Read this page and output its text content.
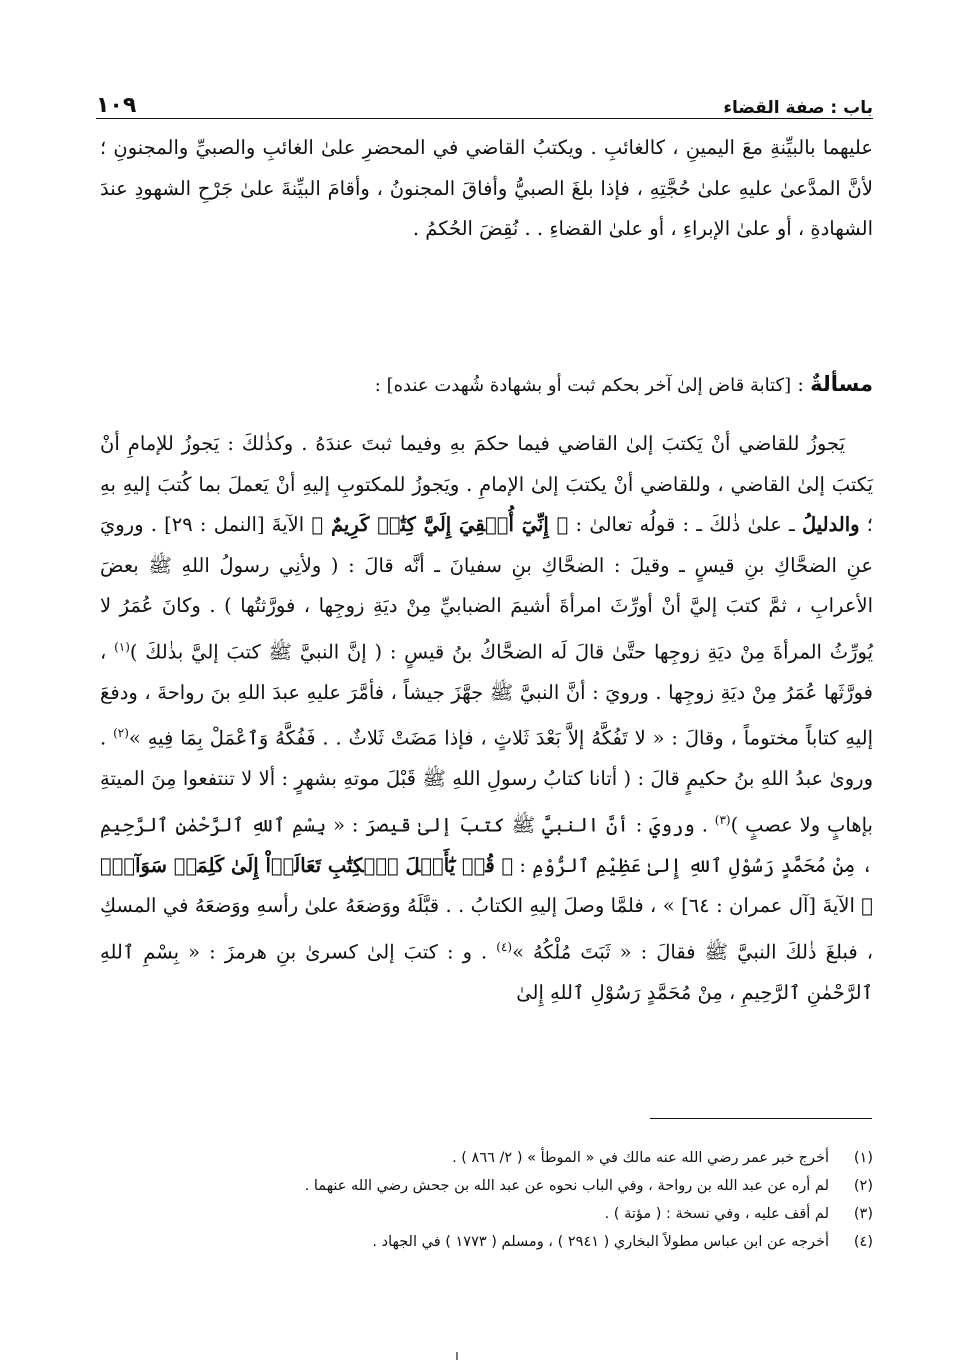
باب : صفة القضاء
١٠٩
عليهما بالبيِّنةِ معَ اليمينِ ، كالغائبِ . ويكتبُ القاضي في المحضرِ علىٰ الغائبِ والصبيِّ والمجنونِ ؛ لأنَّ المدَّعىٰ عليهِ علىٰ حُجَّتِهِ ، فإذا بلغَ الصبيُّ وأفاقَ المجنونُ ، وأقامَ البيِّنةَ علىٰ جَرْحِ الشهودِ عندَ الشهادةِ ، أو علىٰ الإبراءِ ، أو علىٰ القضاءِ . . نُقِضَ الحُكمُ .
مسألةٌ : [كتابة قاض إلىٰ آخر بحكم ثبت أو بشهادة شُهدت عنده] :

يَجوزُ للقاضي أنْ يَكتبَ إلىٰ القاضي فيما حكمَ بهِ وفيما ثبتَ عندَهُ . وكذٰلكَ : يَجوزُ للإمامِ أنْ يَكتبَ إلىٰ القاضي ، وللقاضي أنْ يكتبَ إلىٰ الإمامِ . ويَجوزُ للمكتوبِ إليهِ أنْ يَعملَ بما كُتبَ إليهِ بهِ ؛ والدليلُ ـ علىٰ ذٰلكَ ـ : قولُه تعالىٰ : ﴿ إِنِّيٓ أُلۡقِيَ إِلَيَّ كِتَٰبٞ كَرِيمٌ ﴾ الآيةَ [النمل : ٢٩] . ورويَ عنِ الضحَّاكِ بنِ قيسٍ ـ وقيلَ : الضحَّاكِ بنِ سفيانَ ـ أنَّه قالَ : ( ولأنِي رسولُ اللهِ ﷺ بعضَ الأعرابِ ، ثمَّ كتبَ إليَّ أنْ أورِّثَ امرأةَ أشيمَ الضبابيِّ مِنْ ديَةِ زوجِها ، فورَّثتُها ) . وكانَ عُمَرُ لا يُورِّثُ المرأةَ مِنْ ديَةِ زوجِها حتَّىٰ قالَ لَه الضحَّاكُ بنُ قيسٍ : ( إنَّ النبيَّ ﷺ كتبَ إليَّ بذٰلكَ )$^{(١)}$ ، فورَّثَها عُمَرُ مِنْ ديَةِ زوجِها . ورويَ : أنَّ النبيَّ ﷺ جهَّزَ جيشاً ، فأمَّرَ عليهِ عبدَ اللهِ بنَ رواحةَ ، ودفعَ إليهِ كتاباً مختوماً ، وقالَ : « لا تَفُكَّهُ إلاَّ بَعْدَ ثَلاثٍ ، فإذا مَضَتْ ثَلاثٌ . . فَفُكَّهُ وَٱعْمَلْ بِمَا فِيهِ »$^{(٢)}$ . وروىٰ عبدُ اللهِ بنُ حكيمٍ قالَ : ( أتانا كتابُ رسولِ اللهِ ﷺ قَبْلَ موتهِ بشهرٍ : ألا لا تنتفعوا مِنَ الميتةِ بإهابٍ ولا عصبٍ )$^{(٣)}$ . ورويَ : أنَّ النبيَّ ﷺ كتبَ إلىٰ قيصرَ : « بِسْمِ ٱللهِ ٱلرَّحْمٰنِ ٱلرَّحِيمِ ، مِنْ مُحَمَّدٍ رَسُوْلِ ٱللهِ إِلىٰ عَظِيْمِ ٱلرُّوْمِ : ﴿ قُلۡ يَٰٓأَهۡلَ ٱلۡكِتَٰبِ تَعَالَوۡاْ إِلَىٰ كَلِمَةٖ سَوَآءِۭ ﴾ الآيةَ [آل عمران : ٦٤] » ، فلمَّا وصلَ إليهِ الكتابُ . . قبَّلَهُ ووَضعَهُ علىٰ رأسهِ ووَضعَهُ في المسكِ ، فبلغَ ذٰلكَ النبيَّ ﷺ فقالَ : « ثَبَتَ مُلْكُهُ »$^{(٤)}$ . و : كتبَ إلىٰ كسرىٰ بنِ هرمزَ : « بِسْمِ ٱللهِ ٱلرَّحْمٰنِ ٱلرَّحِيمِ ، مِنْ مُحَمَّدٍ رَسُوْلِ ٱللهِ إِلىٰ

(١)
أخرج خبر عمر رضي الله عنه مالك في « الموطأ » ( ٢/ ٨٦٦ ) .
(٢)
لم أره عن عبد الله بن رواحة ، وفي الباب نحوه عن عبد الله بن جحش رضي الله عنهما .
(٣)
لم أقف عليه ، وفي نسخة : ( مؤتة ) .
(٤)
أخرجه عن ابن عباس مطولاً البخاري ( ٢٩٤١ ) ، ومسلم ( ١٧٧٣ ) في الجهاد .
